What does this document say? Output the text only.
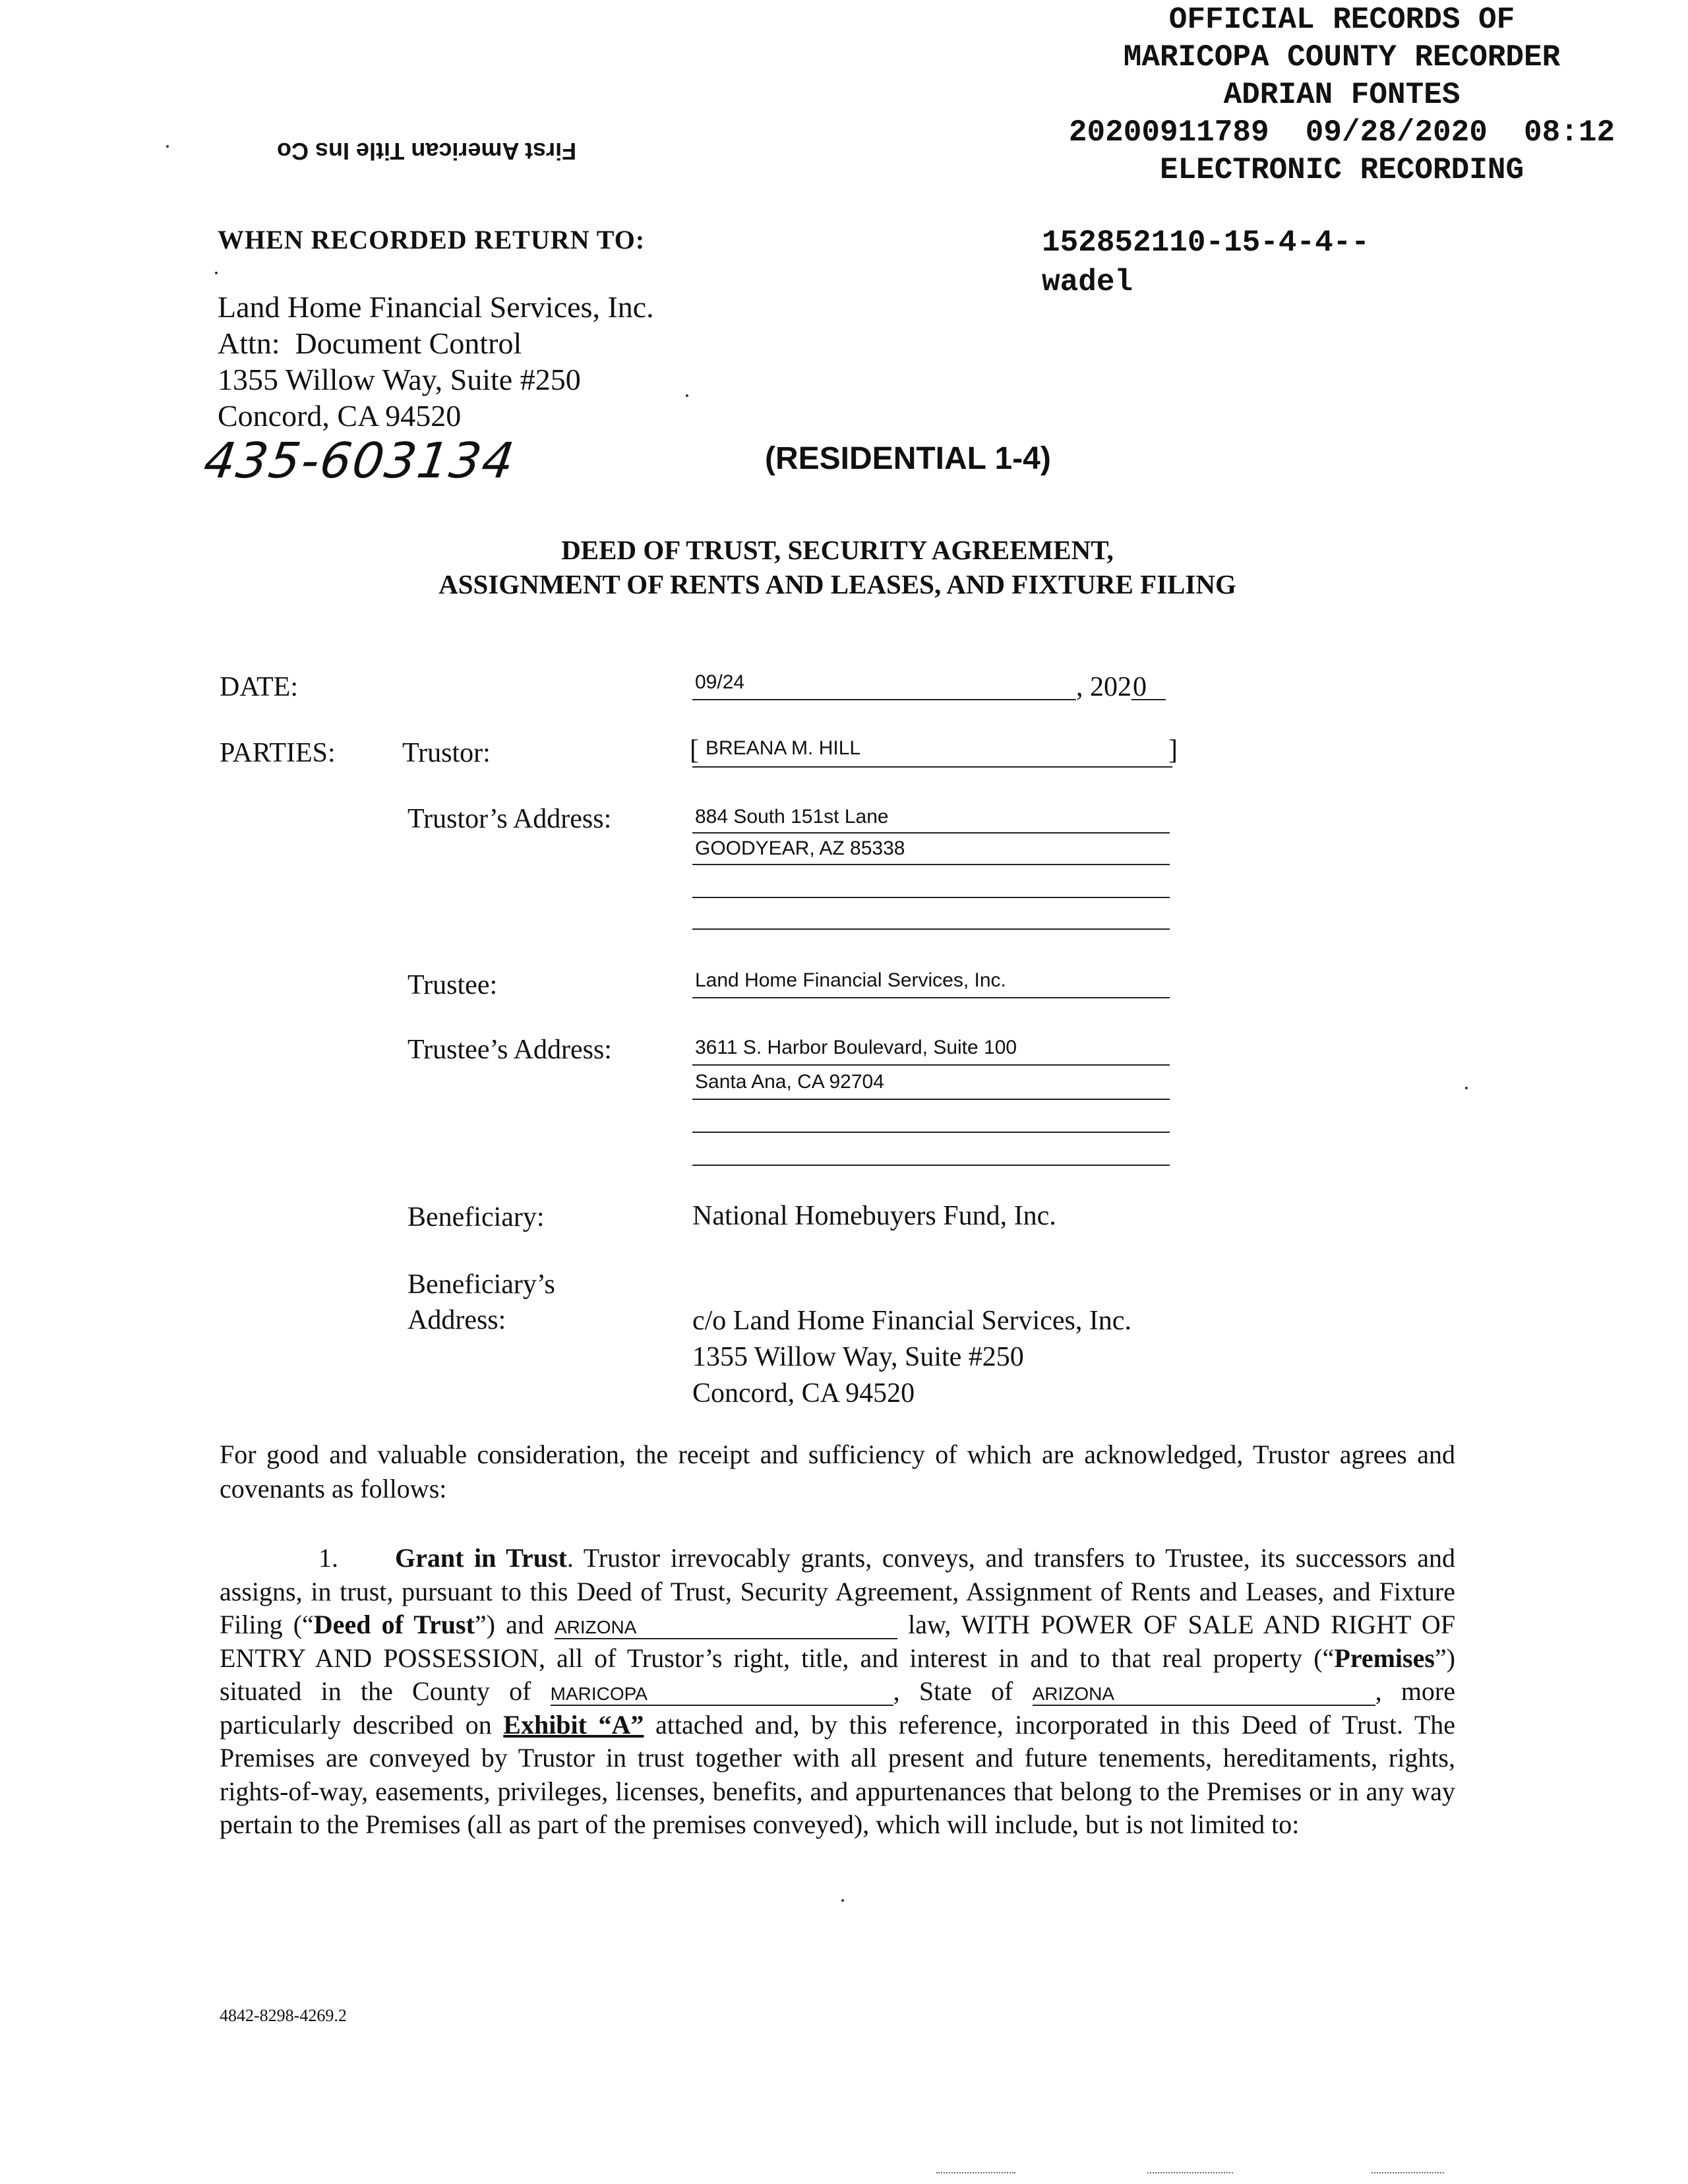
OFFICIAL RECORDS OF
MARICOPA COUNTY RECORDER
ADRIAN FONTES
20200911789  09/28/2020  08:12
ELECTRONIC RECORDING
152852110-15-4-4--
wadel
First American Title Ins Co
WHEN RECORDED RETURN TO:
Land Home Financial Services, Inc.
Attn:  Document Control
1355 Willow Way, Suite #250
Concord, CA 94520
435-603134	(RESIDENTIAL 1-4)
DEED OF TRUST, SECURITY AGREEMENT,
ASSIGNMENT OF RENTS AND LEASES, AND FIXTURE FILING
DATE:	09/24	, 202 0
PARTIES: Trustor:	[ BREANA M. HILL	]
Trustor’s Address:	884 South 151st Lane
GOODYEAR, AZ 85338
Trustee:	Land Home Financial Services, Inc.
Trustee’s Address:	3611 S. Harbor Boulevard, Suite 100
Santa Ana, CA 92704
Beneficiary:	National Homebuyers Fund, Inc.
Beneficiary’s
Address:	c/o Land Home Financial Services, Inc.
1355 Willow Way, Suite #250
Concord, CA 94520
For good and valuable consideration, the receipt and sufficiency of which are acknowledged, Trustor agrees and covenants as follows:
1. Grant in Trust. Trustor irrevocably grants, conveys, and transfers to Trustee, its successors and assigns, in trust, pursuant to this Deed of Trust, Security Agreement, Assignment of Rents and Leases, and Fixture Filing (“Deed of Trust”) and ARIZONA	law, WITH POWER OF SALE AND RIGHT OF ENTRY AND POSSESSION, all of Trustor’s right, title, and interest in and to that real property (“Premises”) situated in the County of MARICOPA	, State of ARIZONA	, more particularly described on Exhibit “A” attached and, by this reference, incorporated in this Deed of Trust. The Premises are conveyed by Trustor in trust together with all present and future tenements, hereditaments, rights, rights-of-way, easements, privileges, licenses, benefits, and appurtenances that belong to the Premises or in any way pertain to the Premises (all as part of the premises conveyed), which will include, but is not limited to:
4842-8298-4269.2
